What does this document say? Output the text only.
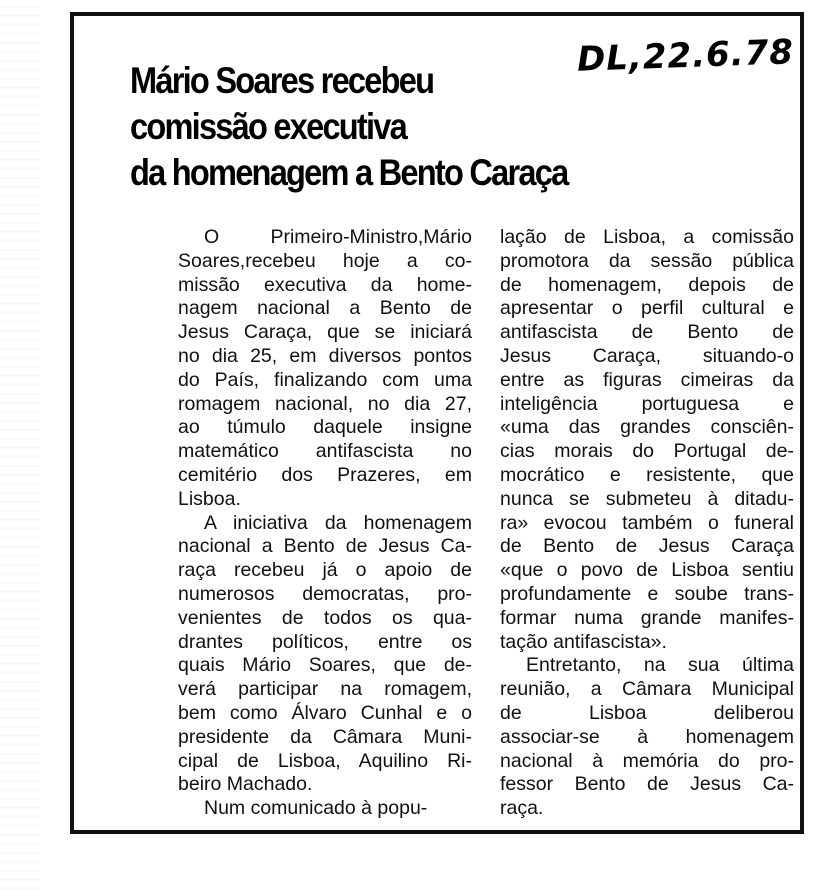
DL,22.6.78
Mário Soares recebeu
comissão executiva
da homenagem a Bento Caraça

O Primeiro-Ministro,Mário
Soares,recebeu hoje a co-
missão executiva da home-
nagem nacional a Bento de
Jesus Caraça, que se iniciará
no dia 25, em diversos pontos
do País, finalizando com uma
romagem nacional, no dia 27,
ao túmulo daquele insigne
matemático antifascista no
cemitério dos Prazeres, em
Lisboa.

A iniciativa da homenagem
nacional a Bento de Jesus Ca-
raça recebeu já o apoio de
numerosos democratas, pro-
venientes de todos os qua-
drantes políticos, entre os
quais Mário Soares, que de-
verá participar na romagem,
bem como Álvaro Cunhal e o
presidente da Câmara Muni-
cipal de Lisboa, Aquilino Ri-
beiro Machado.

Num comunicado à popu-

lação de Lisboa, a comissão
promotora da sessão pública
de homenagem, depois de
apresentar o perfil cultural e
antifascista de Bento de
Jesus Caraça, situando-o
entre as figuras cimeiras da
inteligência portuguesa e
«uma das grandes consciên-
cias morais do Portugal de-
mocrático e resistente, que
nunca se submeteu à ditadu-
ra» evocou também o funeral
de Bento de Jesus Caraça
«que o povo de Lisboa sentiu
profundamente e soube trans-
formar numa grande manifes-
tação antifascista».

Entretanto, na sua última
reunião, a Câmara Municipal
de Lisboa deliberou
associar-se à homenagem
nacional à memória do pro-
fessor Bento de Jesus Ca-
raça.
